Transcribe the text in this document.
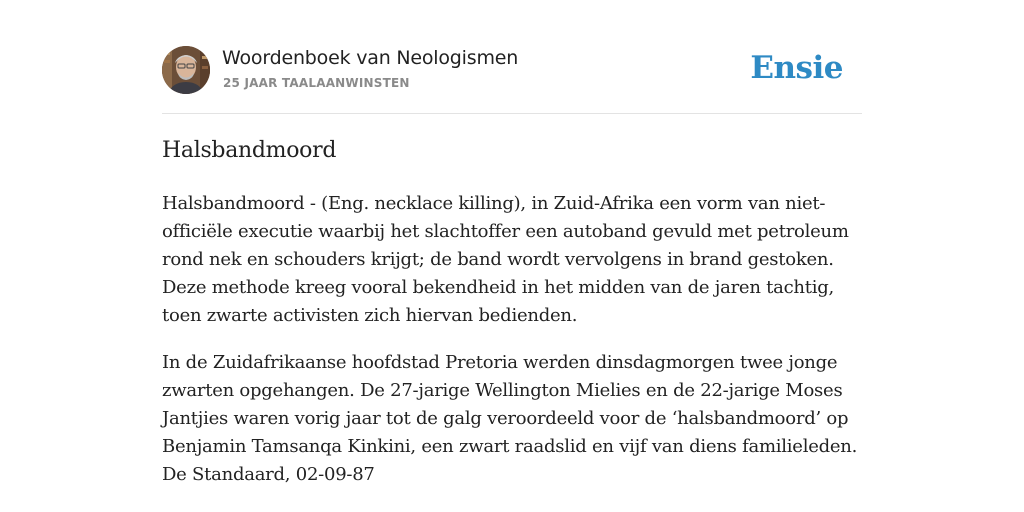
Woordenboek van Neologismen
25 JAAR TAALAANWINSTEN	Ensie
Halsbandmoord

Halsbandmoord - (Eng. necklace killing), in Zuid-Afrika een vorm van niet-officiële executie waarbij het slachtoffer een autoband gevuld met petroleum rond nek en schouders krijgt; de band wordt vervolgens in brand gestoken. Deze methode kreeg vooral bekendheid in het midden van de jaren tachtig, toen zwarte activisten zich hiervan bedienden.

In de Zuidafrikaanse hoofdstad Pretoria werden dinsdagmorgen twee jonge zwarten opgehangen. De 27-jarige Wellington Mielies en de 22-jarige Moses Jantjies waren vorig jaar tot de galg veroordeeld voor de ‘halsbandmoord’ op Benjamin Tamsanqa Kinkini, een zwart raadslid en vijf van diens familieleden. De Standaard, 02-09-87
